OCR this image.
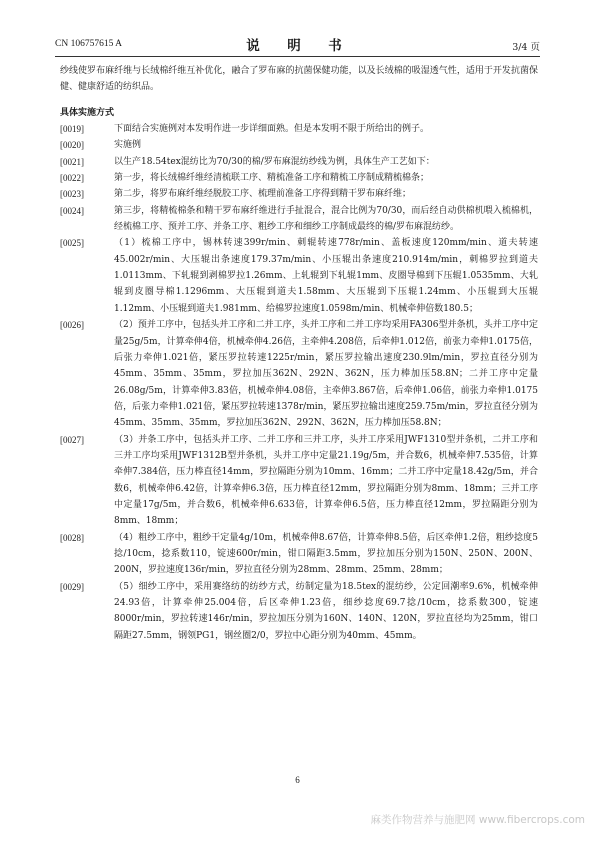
CN 106757615 A	说　明　书	3/4 页

纱线使罗布麻纤维与长绒棉纤维互补优化，融合了罗布麻的抗菌保健功能，以及长绒棉的吸湿透气性，适用于开发抗菌保健、健康舒适的纺织品。

具体实施方式

[0019]	下面结合实施例对本发明作进一步详细面熟。但是本发明不限于所给出的例子。
[0020]	实施例
[0021]	以生产18.54tex混纺比为70/30的棉/罗布麻混纺纱线为例，具体生产工艺如下：
[0022]	第一步，将长绒棉纤维经清梳联工序、精梳准备工序和精梳工序制成精梳棉条；
[0023]	第二步，将罗布麻纤维经脱胶工序、梳理前准备工序得到精干罗布麻纤维；
[0024]	第三步，将精梳棉条和精干罗布麻纤维进行手扯混合，混合比例为70/30，而后经自动供棉机喂入梳棉机，经梳棉工序、预并工序、并条工序、粗纱工序和细纱工序制成最终的棉/罗布麻混纺纱。
[0025]	（1）梳棉工序中，锡林转速399r/min、刺辊转速778r/min、盖板速度120mm/min、道夫转速45.002r/min、大压辊出条速度179.37m/min、小压辊出条速度210.914m/min，刺棉罗拉到道夫1.0113mm、下轧辊到剥棉罗拉1.26mm、上轧辊到下轧辊1mm、皮圈导棉到下压辊1.0535mm、大轧辊到皮圈导棉1.1296mm、大压辊到道夫1.58mm、大压辊到下压辊1.24mm、小压辊到大压辊1.12mm、小压辊到道夫1.981mm、给棉罗拉速度1.0598m/min、机械牵伸倍数180.5；
[0026]	（2）预并工序中，包括头并工序和二并工序，头并工序和二并工序均采用FA306型并条机，头并工序中定量25g/5m，计算牵伸4倍，机械牵伸4.26倍，主牵伸4.208倍，后牵伸1.012倍，前张力牵伸1.0175倍，后张力牵伸1.021倍，紧压罗拉转速1225r/min，紧压罗拉输出速度230.9lm/min，罗拉直径分别为45mm、35mm、35mm，罗拉加压362N、292N、362N，压力棒加压58.8N；二并工序中定量26.08g/5m，计算牵伸3.83倍，机械牵伸4.08倍，主牵伸3.867倍，后牵伸1.06倍，前张力牵伸1.0175倍，后张力牵伸1.021倍，紧压罗拉转速1378r/min，紧压罗拉输出速度259.75m/min，罗拉直径分别为45mm、35mm、35mm，罗拉加压362N、292N、362N，压力棒加压58.8N；
[0027]	（3）并条工序中，包括头并工序、二并工序和三并工序，头并工序采用JWF1310型并条机，二并工序和三并工序均采用JWF1312B型并条机，头并工序中定量21.19g/5m，并合数6，机械牵伸7.535倍，计算牵伸7.384倍，压力棒直径14mm，罗拉隔距分别为10mm、16mm；二并工序中定量18.42g/5m，并合数6，机械牵伸6.42倍，计算牵伸6.3倍，压力棒直径12mm，罗拉隔距分别为8mm、18mm；三并工序中定量17g/5m，并合数6，机械牵伸6.633倍，计算牵伸6.5倍，压力棒直径12mm，罗拉隔距分别为8mm、18mm；
[0028]	（4）粗纱工序中，粗纱干定量4g/10m，机械牵伸8.67倍，计算牵伸8.5倍，后区牵伸1.2倍，粗纱捻度5捻/10cm，捻系数110，锭速600r/min，钳口隔距3.5mm，罗拉加压分别为150N、250N、200N、200N，罗拉速度136r/min，罗拉直径分别为28mm、28mm、25mm、28mm；
[0029]	（5）细纱工序中，采用赛络纺的纺纱方式，纺制定量为18.5tex的混纺纱，公定回潮率9.6%，机械牵伸24.93倍，计算牵伸25.004倍，后区牵伸1.23倍，细纱捻度69.7捻/10cm，捻系数300，锭速8000r/min，罗拉转速146r/min，罗拉加压分别为160N、140N、120N，罗拉直径均为25mm，钳口隔距27.5mm，钢领PG1，钢丝圈2/0，罗拉中心距分别为40mm、45mm。
6
麻类作物营养与施肥网 www.fibercrops.com
